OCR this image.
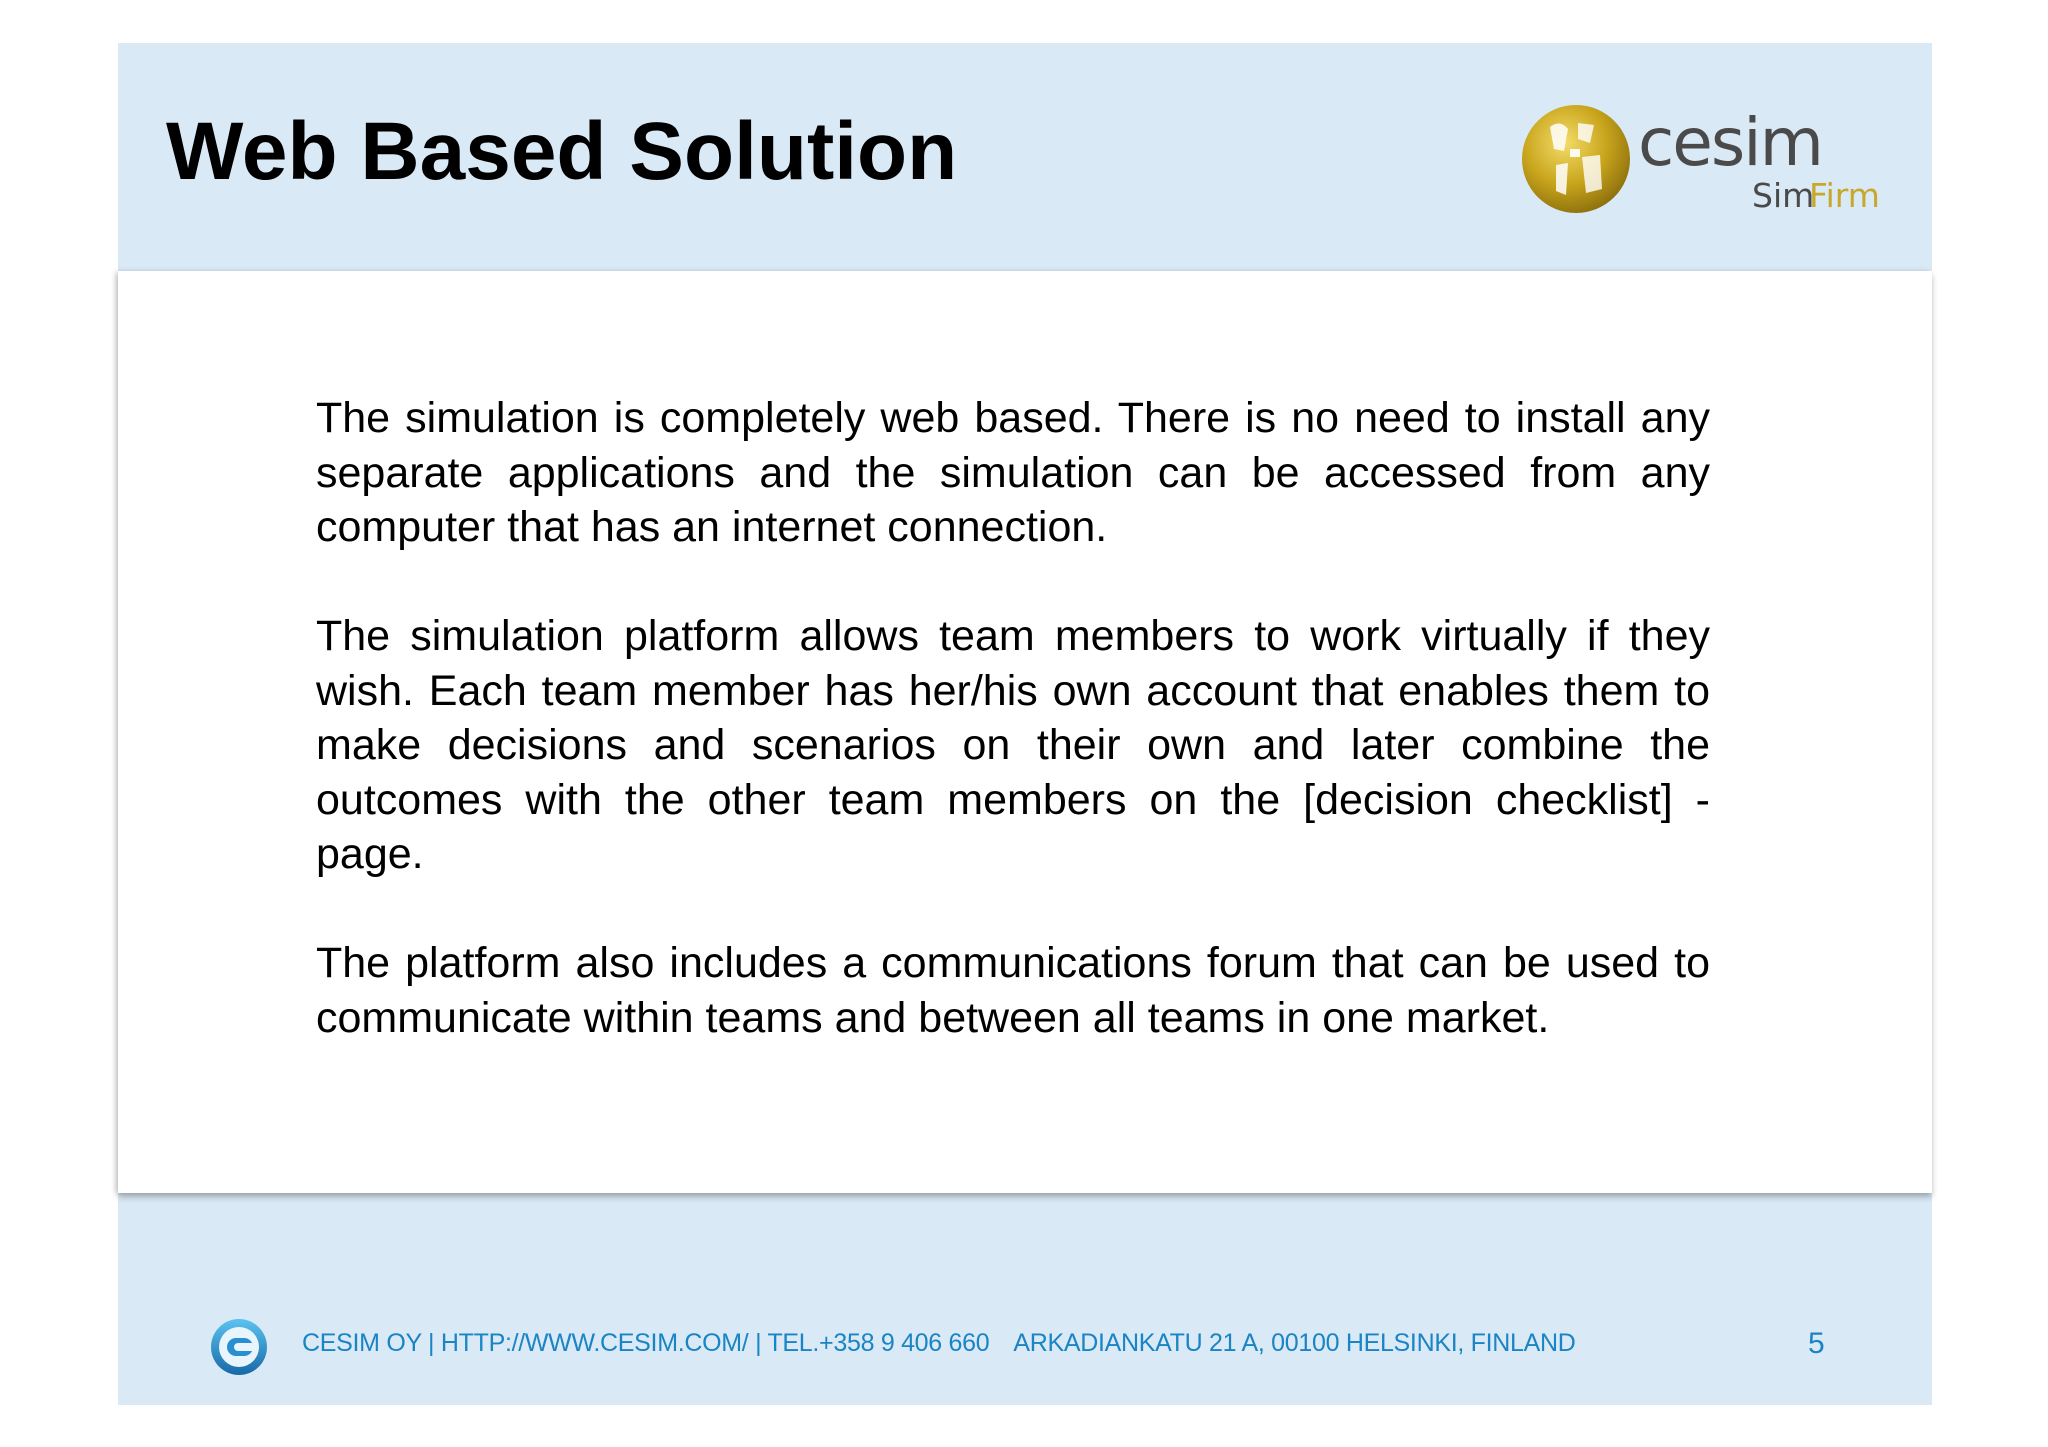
Web Based Solution	cesim
Sim
Firm

The simulation is completely web based. There is no need to install any separate applications and the simulation can be accessed from any computer that has an internet connection.

The simulation platform allows team members to work virtually if they wish. Each team member has her/his own account that enables them to make decisions and scenarios on their own and later combine the outcomes with the other team members on the [decision checklist] - page.

The platform also includes a communications forum that can be used to communicate within teams and between all teams in one market.

CESIM OY | HTTP://WWW.CESIM.COM/ | TEL.+358 9 406 660 ARKADIANKATU 21 A, 00100 HELSINKI, FINLAND	5
